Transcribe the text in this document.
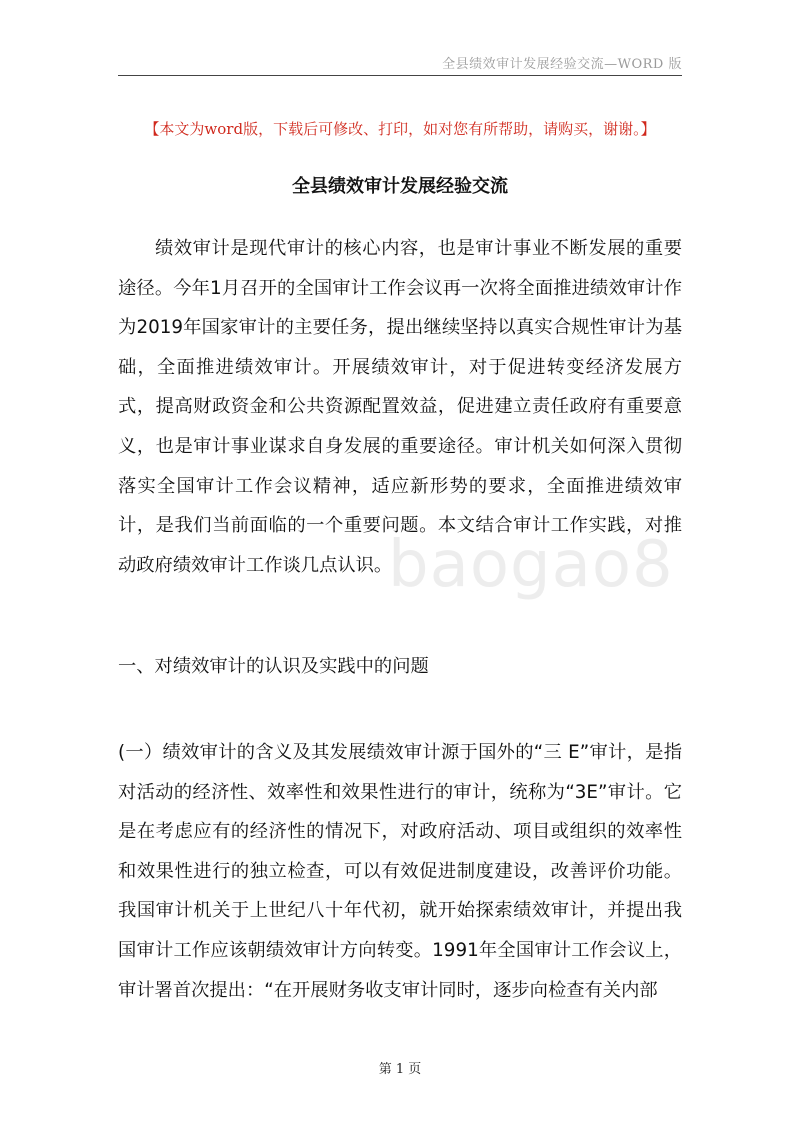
全县绩效审计发展经验交流—WORD 版
【本文为word版，下载后可修改、打印，如对您有所帮助，请购买，谢谢。】
全县绩效审计发展经验交流

绩效审计是现代审计的核心内容，也是审计事业不断发展的重要途径。今年1月召开的全国审计工作会议再一次将全面推进绩效审计作为2019年国家审计的主要任务，提出继续坚持以真实合规性审计为基础，全面推进绩效审计。开展绩效审计，对于促进转变经济发展方式，提高财政资金和公共资源配置效益，促进建立责任政府有重要意义，也是审计事业谋求自身发展的重要途径。审计机关如何深入贯彻落实全国审计工作会议精神，适应新形势的要求，全面推进绩效审计，是我们当前面临的一个重要问题。本文结合审计工作实践，对推动政府绩效审计工作谈几点认识。

一、对绩效审计的认识及实践中的问题

(一）绩效审计的含义及其发展绩效审计源于国外的“三 E”审计，是指对活动的经济性、效率性和效果性进行的审计，统称为“3E”审计。它是在考虑应有的经济性的情况下，对政府活动、项目或组织的效率性和效果性进行的独立检查，可以有效促进制度建设，改善评价功能。我国审计机关于上世纪八十年代初，就开始探索绩效审计，并提出我国审计工作应该朝绩效审计方向转变。1991年全国审计工作会议上，审计署首次提出：“在开展财务收支审计同时，逐步向检查有关内部

baogao8
第 1 页
